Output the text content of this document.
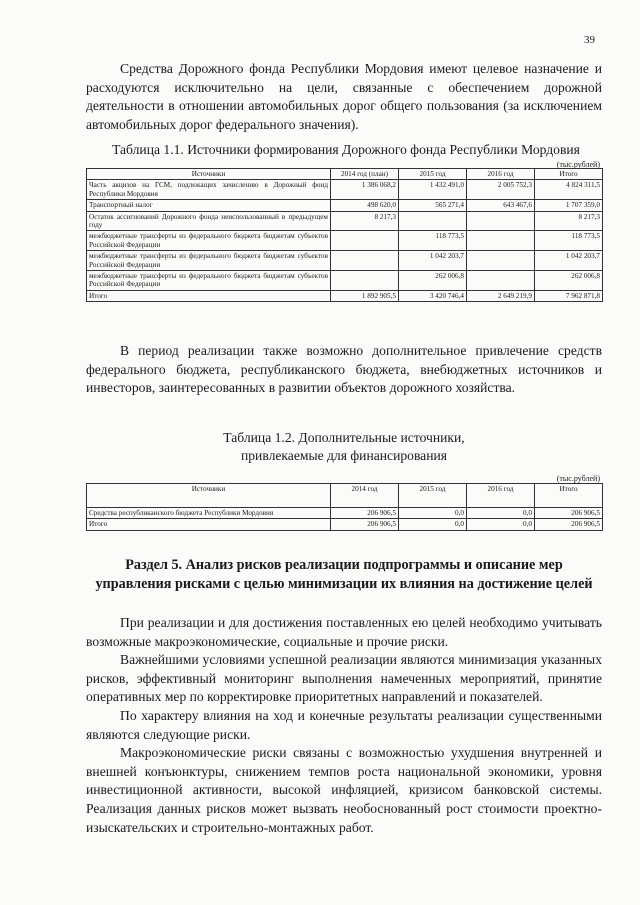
39

Средства Дорожного фонда Республики Мордовия имеют целевое назначение и расходуются исключительно на цели, связанные с обеспечением дорожной деятельности в отношении автомобильных дорог общего пользования (за исключением автомобильных дорог федерального значения).

Таблица 1.1. Источники формирования Дорожного фонда Республики Мордовия
(тыс.рублей)
Источники	2014 год (план)	2015 год	2016 год	Итого
Часть акцизов на ГСМ, подлежащих зачислению в Дорожный фонд Республики Мордовия	1 386 068,2	1 432 491,0	2 005 752,3	4 824 311,5
Транспортный налог	498 620,0	565 271,4	643 467,6	1 707 359,0
Остаток ассигнований Дорожного фонда неиспользованный в предыдущем году	8 217,3			8 217,3
межбюджетные трансферты из федерального бюджета бюджетам субъектов Российской Федерации		118 773,5		118 773,5
межбюджетные трансферты из федерального бюджета бюджетам субъектов Российской Федерации		1 042 203,7		1 042 203,7
межбюджетные трансферты из федерального бюджета бюджетам субъектов Российской Федерации		262 006,8		262 006,8
Итого	1 892 905,5	3 420 746,4	2 649 219,9	7 962 871,8

В период реализации также возможно дополнительное привлечение средств федерального бюджета, республиканского бюджета, внебюджетных источников и инвесторов, заинтересованных в развитии объектов дорожного хозяйства.

Таблица 1.2. Дополнительные источники,
привлекаемые для финансирования
(тыс.рублей)
Источники	2014 год	2015 год	2016 год	Итого
Средства республиканского бюджета Республики Мордовия	206 906,5	0,0	0,0	206 906,5
Итого	206 906,5	0,0	0,0	206 906,5

Раздел 5. Анализ рисков реализации подпрограммы и описание мер управления рисками с целью минимизации их влияния на достижение целей

При реализации и для достижения поставленных ею целей необходимо учитывать возможные макроэкономические, социальные и прочие риски.

Важнейшими условиями успешной реализации являются минимизация указанных рисков, эффективный мониторинг выполнения намеченных мероприятий, принятие оперативных мер по корректировке приоритетных направлений и показателей.

По характеру влияния на ход и конечные результаты реализации существенными являются следующие риски.

Макроэкономические риски связаны с возможностью ухудшения внутренней и внешней конъюнктуры, снижением темпов роста национальной экономики, уровня инвестиционной активности, высокой инфляцией, кризисом банковской системы. Реализация данных рисков может вызвать необоснованный рост стоимости проектно-изыскательских и строительно-монтажных работ.
